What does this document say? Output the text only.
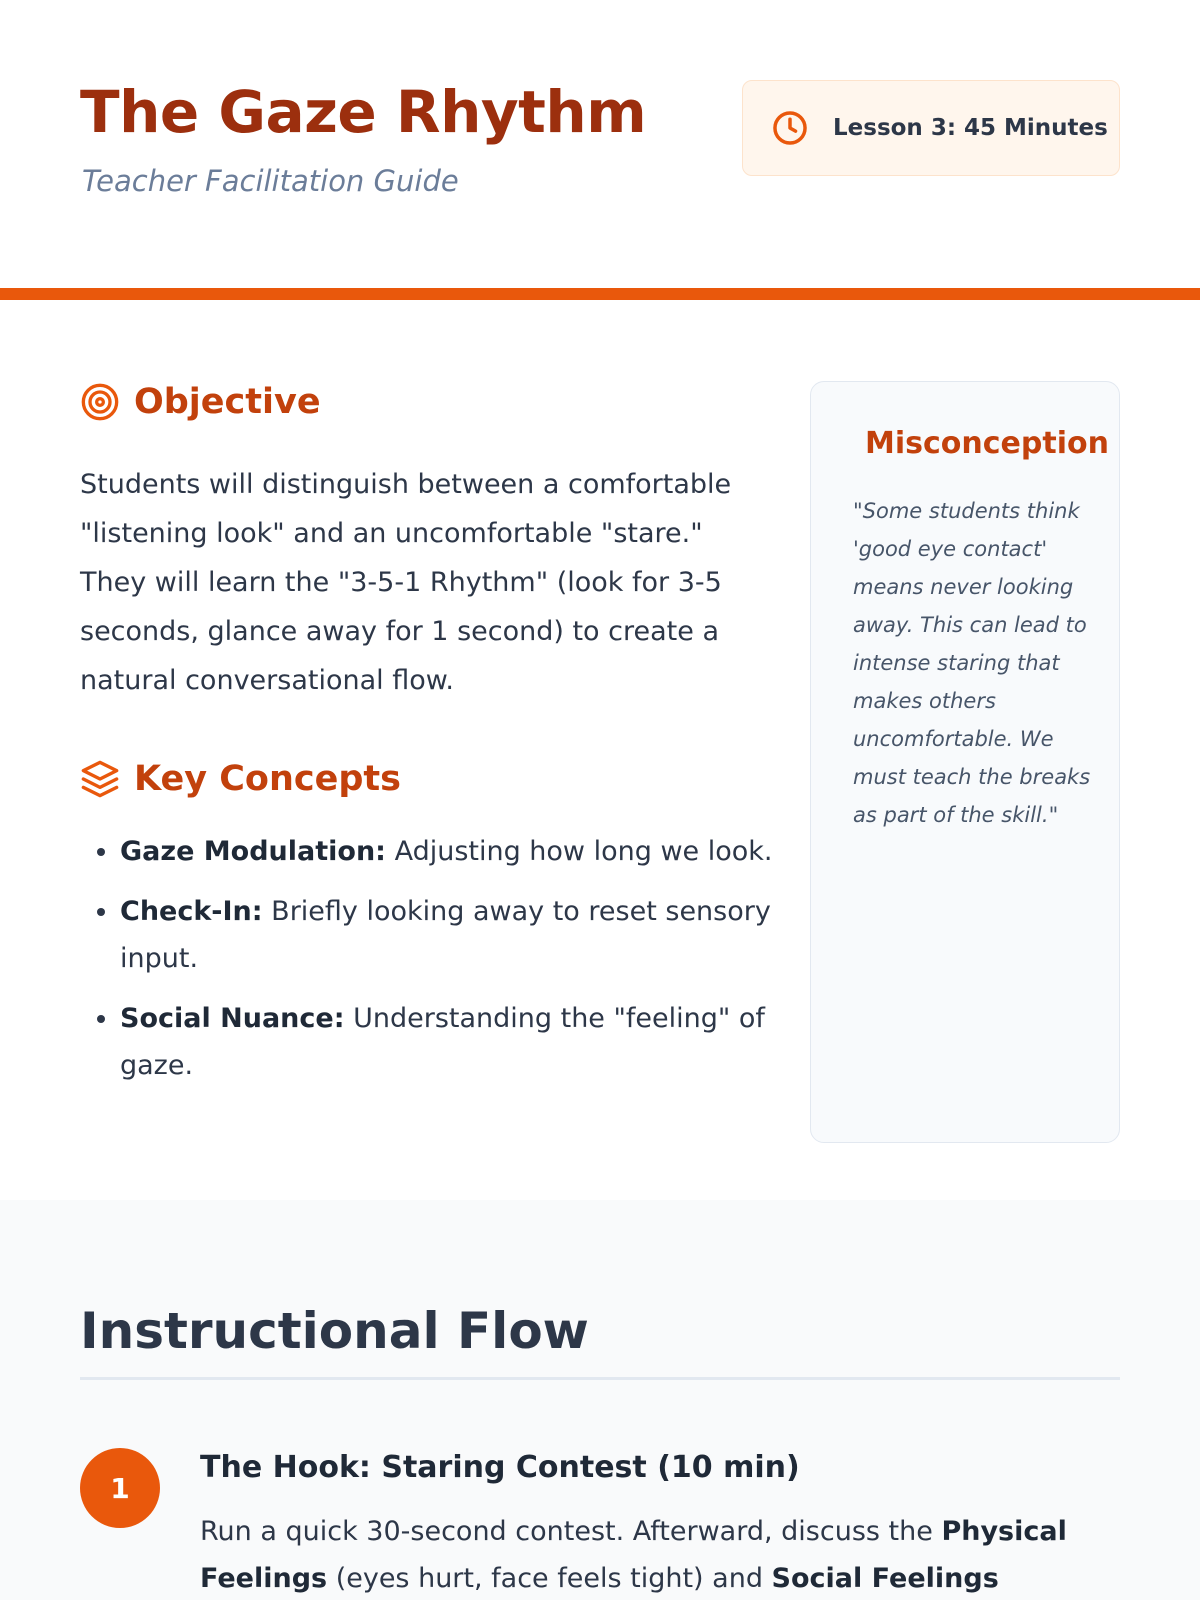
The Gaze Rhythm

Teacher Facilitation Guide

Lesson 3: 45 Minutes
Objective

Students will distinguish between a comfortable "listening look" and an uncomfortable "stare." They will learn the "3-5-1 Rhythm" (look for 3-5 seconds, glance away for 1 second) to create a natural conversational flow.

Key Concepts
• Gaze Modulation: Adjusting how long we look.
• Check-In: Briefly looking away to reset sensory input.
• Social Nuance: Understanding the "feeling" of gaze.
Misconception

"Some students think 'good eye contact' means never looking away. This can lead to intense staring that makes others uncomfortable. We must teach the breaks as part of the skill."

Instructional Flow
1
The Hook: Staring Contest (10 min)

Run a quick 30-second contest. Afterward, discuss the Physical Feelings (eyes hurt, face feels tight) and Social Feelings
